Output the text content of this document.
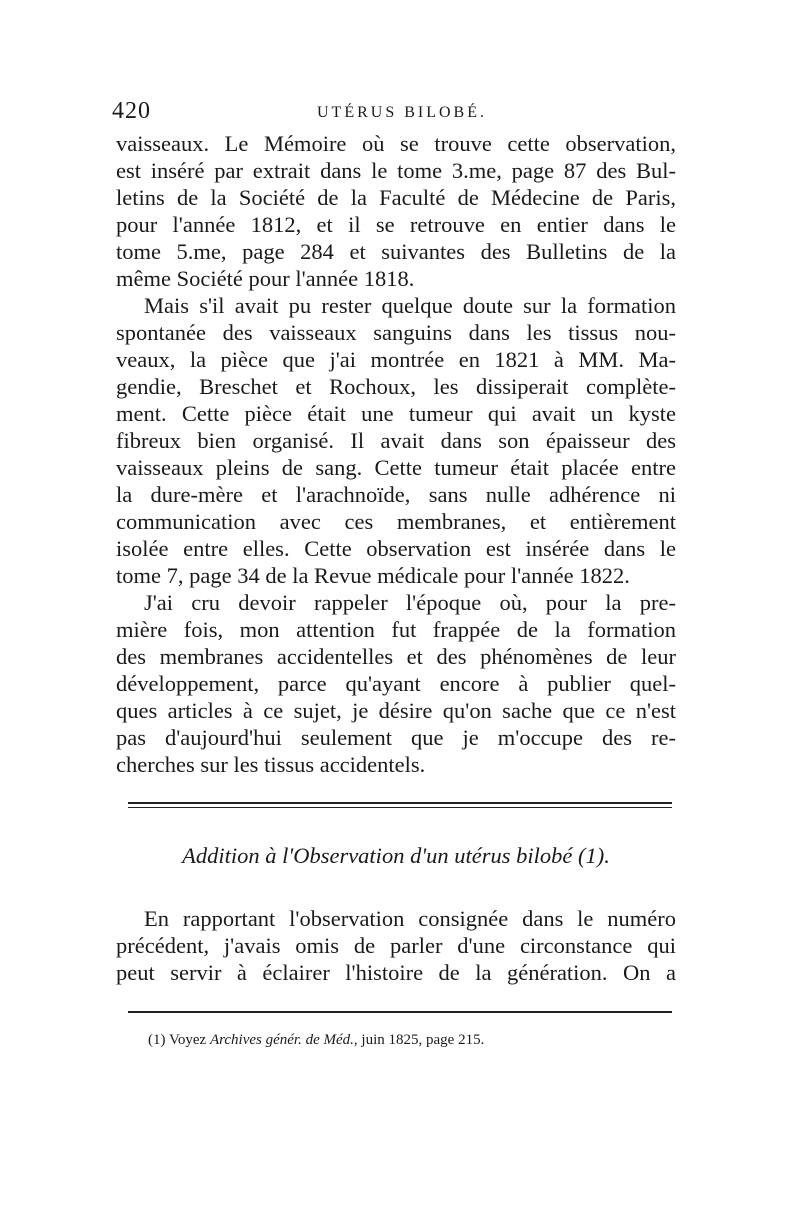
420	UTÉRUS BILOBÉ.
vaisseaux. Le Mémoire où se trouve cette observation,
est inséré par extrait dans le tome 3.me, page 87 des Bul-
letins de la Société de la Faculté de Médecine de Paris,
pour l'année 1812, et il se retrouve en entier dans le
tome 5.me, page 284 et suivantes des Bulletins de la
même Société pour l'année 1818.
Mais s'il avait pu rester quelque doute sur la formation
spontanée des vaisseaux sanguins dans les tissus nou-
veaux, la pièce que j'ai montrée en 1821 à MM. Ma-
gendie, Breschet et Rochoux, les dissiperait complète-
ment. Cette pièce était une tumeur qui avait un kyste
fibreux bien organisé. Il avait dans son épaisseur des
vaisseaux pleins de sang. Cette tumeur était placée entre
la dure-mère et l'arachnoïde, sans nulle adhérence ni
communication avec ces membranes, et entièrement
isolée entre elles. Cette observation est insérée dans le
tome 7, page 34 de la Revue médicale pour l'année 1822.
J'ai cru devoir rappeler l'époque où, pour la pre-
mière fois, mon attention fut frappée de la formation
des membranes accidentelles et des phénomènes de leur
développement, parce qu'ayant encore à publier quel-
ques articles à ce sujet, je désire qu'on sache que ce n'est
pas d'aujourd'hui seulement que je m'occupe des re-
cherches sur les tissus accidentels.
Addition à l'Observation d'un utérus bilobé (1).
En rapportant l'observation consignée dans le numéro
précédent, j'avais omis de parler d'une circonstance qui
peut servir à éclairer l'histoire de la génération. On a
(1) Voyez Archives génér. de Méd., juin 1825, page 215.
